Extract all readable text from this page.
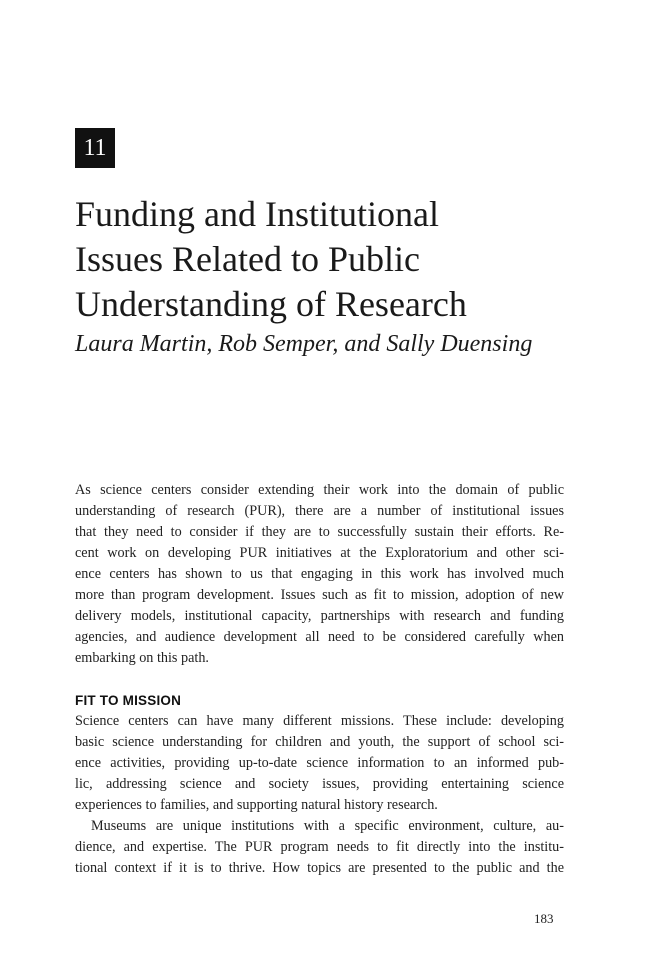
11
Funding and Institutional
Issues Related to Public
Understanding of Research
Laura Martin, Rob Semper, and Sally Duensing
As science centers consider extending their work into the domain of public
understanding of research (PUR), there are a number of institutional issues
that they need to consider if they are to successfully sustain their efforts. Re-
cent work on developing PUR initiatives at the Exploratorium and other sci-
ence centers has shown to us that engaging in this work has involved much
more than program development. Issues such as fit to mission, adoption of new
delivery models, institutional capacity, partnerships with research and funding
agencies, and audience development all need to be considered carefully when
embarking on this path.
FIT TO MISSION
Science centers can have many different missions. These include: developing
basic science understanding for children and youth, the support of school sci-
ence activities, providing up-to-date science information to an informed pub-
lic, addressing science and society issues, providing entertaining science
experiences to families, and supporting natural history research.
Museums are unique institutions with a specific environment, culture, au-
dience, and expertise. The PUR program needs to fit directly into the institu-
tional context if it is to thrive. How topics are presented to the public and the
183
